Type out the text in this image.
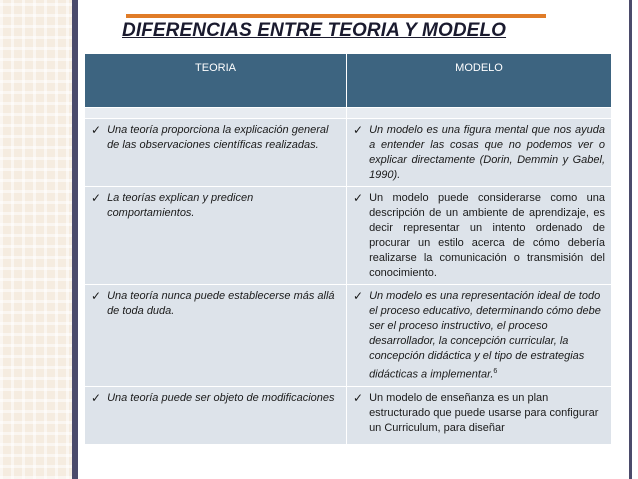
DIFERENCIAS ENTRE TEORIA Y MODELO
TEORIA	MODELO

✓ Una teoría proporciona la explicación general de las observaciones científicas realizadas.	✓ Un modelo es una figura mental que nos ayuda a entender las cosas que no podemos ver o explicar directamente (Dorin, Demmin y Gabel, 1990).

✓ La teorías explican y predicen comportamientos.	✓ Un modelo puede considerarse como una descripción de un ambiente de aprendizaje, es decir representar un intento ordenado de procurar un estilo acerca de cómo debería realizarse la comunicación o transmisión del conocimiento.

✓ Una teoría nunca puede establecerse más allá de toda duda.	✓ Un modelo es una representación ideal de todo el proceso educativo, determinando cómo debe ser el proceso instructivo, el proceso desarrollador, la concepción curricular, la concepción didáctica y el tipo de estrategias didácticas a implementar.$^6$

✓ Una teoría puede ser objeto de modificaciones	✓ Un modelo de enseñanza es un plan estructurado que puede usarse para configurar un Curriculum, para diseñar
